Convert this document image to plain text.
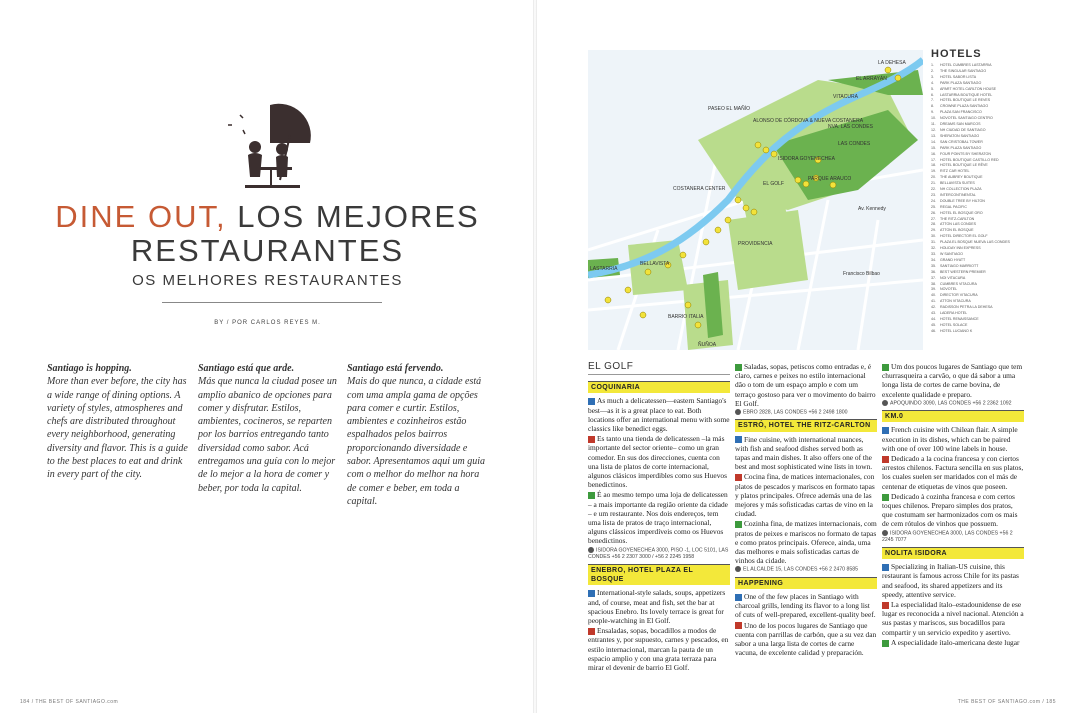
DINE OUT, LOS MEJORES
RESTAURANTES
OS MELHORES RESTAURANTES
BY / POR CARLOS REYES M.
Santiago is hopping.
More than ever before, the city has a wide range of dining options. A variety of styles, atmospheres and chefs are distributed throughout every neighborhood, generating diversity and flavor. This is a guide to the best places to eat and drink in every part of the city.
Santiago está que arde.
Más que nunca la ciudad posee un amplio abanico de opciones para comer y disfrutar. Estilos, ambientes, cocineros, se reparten por los barrios entregando tanto diversidad como sabor. Acá entregamos una guía con lo mejor de lo mejor a la hora de comer y beber, por toda la capital.
Santiago está fervendo.
Mais do que nunca, a cidade está com uma ampla gama de opções para comer e curtir. Estilos, ambientes e cozinheiros estão espalhados pelos bairros proporcionando diversidade e sabor. Apresentamos aqui um guia com o melhor do melhor na hora de comer e beber, em toda a capital.
184 / THE BEST OF SANTIAGO.com
LA DEHESA
EL ARRAYÁN
VITACURA
PASEO EL MAÑÍO
ALONSO DE CÓRDOVA & NUEVA COSTANERA
ISIDORA GOYENECHEA
NVA. LAS CONDES
LAS CONDES
PARQUE ARAUCO
EL GOLF
COSTANERA CENTER
PROVIDENCIA
BELLAVISTA
BARRIO ITALIA
LASTARRIA
ÑUÑOA
Av. Kennedy
Francisco Bilbao
HOTELS
1. HOTEL CUMBRES LASTARRIA
2. THE SINGULAR SANTIAGO
3. HOTEL SABOR LISTA
4. PARK PLAZA SANTIAGO
5. APART HOTEL CARLTON HOUSE
6. LASTARRIA BOUTIQUE HOTEL
7. HOTEL BOUTIQUE LE REVES
8. CROWNE PLAZA SANTIAGO
9. PLAZA SAN FRANCISCO
10. NOVOTEL SANTIAGO CENTRO
11. DREAMS SAN MARCOS
12. NH CIUDAD DE SANTIAGO
13. SHERATON SANTIAGO
14. SAN CRISTOBAL TOWER
15. PARK PLAZA SANTIAGO
16. FOUR POINTS BY SHERATON
17. HOTEL BOUTIQUE CASTILLO RED
18. HOTEL BOUTIQUE LE RÊVE
19. RITZ CAR HOTEL
20. THE AUBREY BOUTIQUE
21. BELLAVISTA SUITES
22. NH COLLECTION PLAZA
23. INTERCONTINENTAL
24. DOUBLE TREE BY HILTON
25. REGAL PACIFIC
26. HOTEL EL BOSQUE ORO
27. THE RITZ-CARLTON
28. ATTON LAS CONDES
29. ATTON EL BOSQUE
30. HOTEL DIRECTOR EL GOLF
31. PLAZA EL BOSQUE NUEVA LAS CONDES
32. HOLIDAY INN EXPRESS
33. W SANTIAGO
34. GRAND HYATT
35. SANTIAGO MARRIOTT
36. BEST WESTERN PREMIER
37. NOI VITACURA
38. CUMBRES VITACURA
39. NOVOTEL
40. DIRECTOR VITACURA
41. ATTON VITACURA
42. RADISSON PETRA LA DEHESA
43. LADERA HOTEL
44. HOTEL RENAISSANCE
45. HOTEL SOLACE
46. HOTEL LUCIANO K
EL GOLF
COQUINARIA
As much a delicatessen—eastern Santiago's best—as it is a great place to eat. Both locations offer an international menu with some classics like benedict eggs.
Es tanto una tienda de delicatessen –la más importante del sector oriente– como un gran comedor. En sus dos direcciones, cuenta con una lista de platos de corte internacional, algunos clásicos imperdibles como sus Huevos benedictinos.
É ao mesmo tempo uma loja de delicatessen – a mais importante da região oriente da cidade – e um restaurante. Nos dois endereços, tem uma lista de pratos de traço internacional, alguns clássicos imperdíveis como os Huevos benedictinos.
ISIDORA GOYENECHEA 3000, PISO -1, LOC 5101, LAS CONDES +56 2 2307 3000 / +56 2 2245 1958
ENEBRO, HOTEL PLAZA EL BOSQUE
International-style salads, soups, appetizers and, of course, meat and fish, set the bar at spacious Enebro. Its lovely terrace is great for people-watching in El Golf.
Ensaladas, sopas, bocadillos a modos de entrantes y, por supuesto, carnes y pescados, en estilo internacional, marcan la pauta de un espacio amplio y con una grata terraza para mirar el devenir de barrio El Golf.
Saladas, sopas, petiscos como entradas e, é claro, carnes e peixes no estilo internacional dão o tom de um espaço amplo e com um terraço gostoso para ver o movimento do bairro El Golf.
EBRO 2828, LAS CONDES +56 2 2498 1800
ESTRÓ, HOTEL THE RITZ-CARLTON
Fine cuisine, with international nuances, with fish and seafood dishes served both as tapas and main dishes. It also offers one of the best and most sophisticated wine lists in town.
Cocina fina, de matices internacionales, con platos de pescados y mariscos en formato tapas y platos principales. Ofrece además una de las mejores y más sofisticadas cartas de vino en la ciudad.
Cozinha fina, de matizes internacionais, com pratos de peixes e mariscos no formato de tapas e como pratos principais. Oferece, ainda, uma das melhores e mais sofisticadas cartas de vinhos da cidade.
EL ALCALDE 15, LAS CONDES +56 2 2470 8585
HAPPENING
One of the few places in Santiago with charcoal grills, lending its flavor to a long list of cuts of well-prepared, excellent-quality beef.
Uno de los pocos lugares de Santiago que cuenta con parrillas de carbón, que a su vez dan sabor a una larga lista de cortes de carne vacuna, de excelente calidad y preparación.
Um dos poucos lugares de Santiago que tem churrasqueira a carvão, o que dá sabor a uma longa lista de cortes de carne bovina, de excelente qualidade e preparo.
APOQUINDO 3090, LAS CONDES +56 2 2362 1092
KM.0
French cuisine with Chilean flair. A simple execution in its dishes, which can be paired with one of over 100 wine labels in house.
Dedicado a la cocina francesa y con ciertos arrestos chilenos. Factura sencilla en sus platos, los cuales suelen ser maridados con el más de centenar de etiquetas de vinos que poseen.
Dedicado à cozinha francesa e com certos toques chilenos. Preparo simples dos pratos, que costumam ser harmonizados com os mais de cem rótulos de vinhos que possuem.
ISIDORA GOYENECHEA 3000, LAS CONDES +56 2 2245 7077
NOLITA ISIDORA
Specializing in Italian-US cuisine, this restaurant is famous across Chile for its pastas and seafood, its shared appetizers and its speedy, attentive service.
La especialidad ítalo–estadounidense de ese lugar es reconocida a nivel nacional. Atención a sus pastas y mariscos, sus bocadillos para compartir y un servicio expedito y asertivo.
A especialidade ítalo-americana deste lugar
THE BEST OF SANTIAGO.com / 185
